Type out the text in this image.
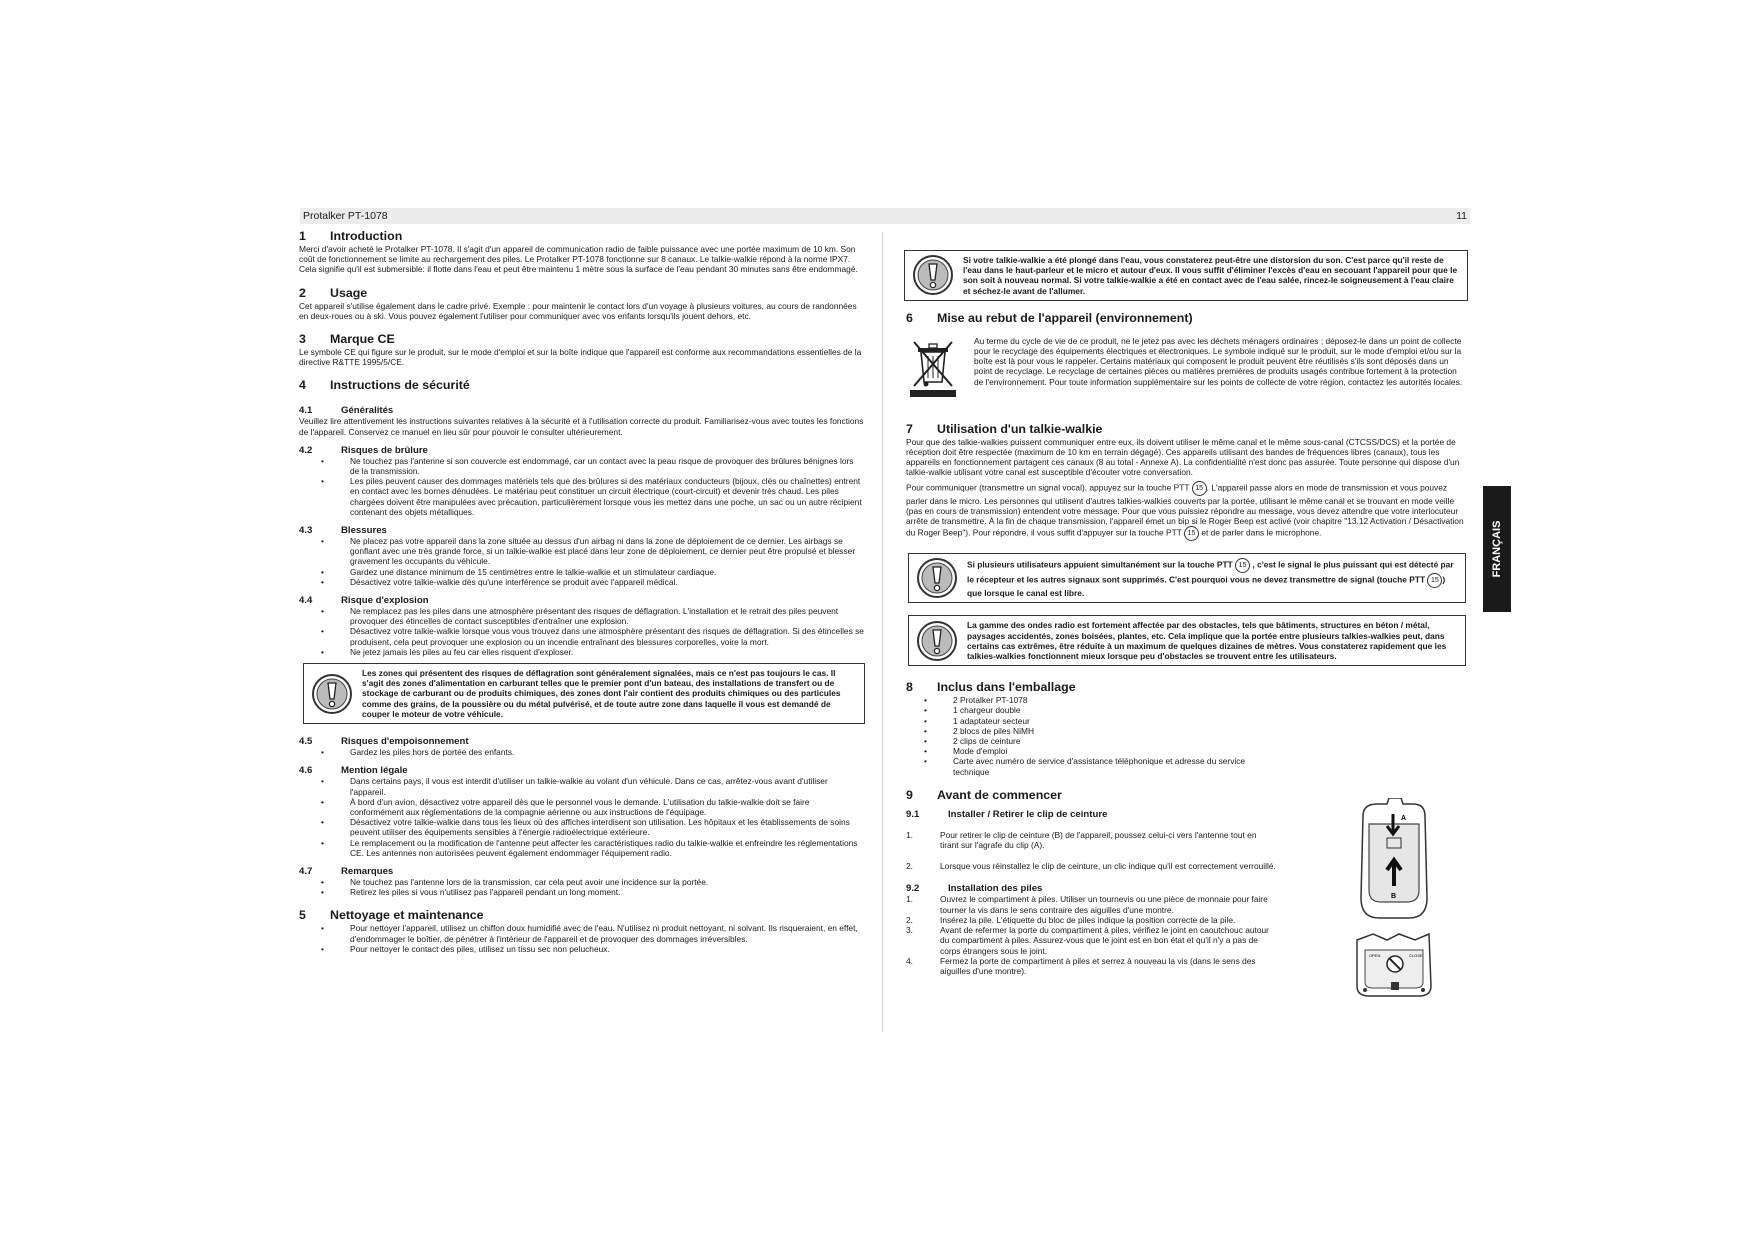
Protalker PT-1078	11
FRANÇAIS

1 Introduction

Merci d'avoir acheté le Protalker PT-1078. Il s'agit d'un appareil de communication radio de faible puissance avec une portée maximum de 10 km. Son coût de fonctionnement se limite au rechargement des piles. Le Protalker PT-1078 fonctionne sur 8 canaux. Le talkie-walkie répond à la norme IPX7. Cela signifie qu'il est submersible: il flotte dans l'eau et peut être maintenu 1 mètre sous la surface de l'eau pendant 30 minutes sans être endommagé.

2 Usage

Cet appareil s'utilise également dans le cadre privé. Exemple : pour maintenir le contact lors d'un voyage à plusieurs voitures, au cours de randonnées en deux-roues ou à ski. Vous pouvez également l'utiliser pour communiquer avec vos enfants lorsqu'ils jouent dehors, etc.

3 Marque CE

Le symbole CE qui figure sur le produit, sur le mode d'emploi et sur la boîte indique que l'appareil est conforme aux recommandations essentielles de la directive R&TTE 1995/5/CE.

4 Instructions de sécurité

4.1	Généralités

Veuillez lire attentivement les instructions suivantes relatives à la sécurité et à l'utilisation correcte du produit. Familiarisez-vous avec toutes les fonctions de l'appareil. Conservez ce manuel en lieu sûr pour pouvoir le consulter ultérieurement.

4.2	Risques de brûlure

• Ne touchez pas l'antenne si son couvercle est endommagé, car un contact avec la peau risque de provoquer des brûlures bénignes lors de la transmission.
• Les piles peuvent causer des dommages matériels tels que des brûlures si des matériaux conducteurs (bijoux, clés ou chaînettes) entrent en contact avec les bornes dénudées. Le matériau peut constituer un circuit électrique (court-circuit) et devenir très chaud. Les piles chargées doivent être manipulées avec précaution, particulièrement lorsque vous les mettez dans une poche, un sac ou un autre récipient contenant des objets métalliques.

4.3	Blessures

• Ne placez pas votre appareil dans la zone située au dessus d'un airbag ni dans la zone de déploiement de ce dernier. Les airbags se gonflant avec une très grande force, si un talkie-walkie est placé dans leur zone de déploiement, ce dernier peut être propulsé et blesser gravement les occupants du véhicule.
• Gardez une distance minimum de 15 centimètres entre le talkie-walkie et un stimulateur cardiaque.
• Désactivez votre talkie-walkie dès qu'une interférence se produit avec l'appareil médical.

4.4	Risque d'explosion

• Ne remplacez pas les piles dans une atmosphère présentant des risques de déflagration. L'installation et le retrait des piles peuvent provoquer des étincelles de contact susceptibles d'entraîner une explosion.
• Désactivez votre talkie-walkie lorsque vous vous trouvez dans une atmosphère présentant des risques de déflagration. Si des étincelles se produisent, cela peut provoquer une explosion ou un incendie entraînant des blessures corporelles, voire la mort.
• Ne jetez jamais les piles au feu car elles risquent d'exploser.
Les zones qui présentent des risques de déflagration sont généralement signalées, mais ce n'est pas toujours le cas. Il s'agit des zones d'alimentation en carburant telles que le premier pont d'un bateau, des installations de transfert ou de stockage de carburant ou de produits chimiques, des zones dont l'air contient des produits chimiques ou des particules comme des grains, de la poussière ou du métal pulvérisé, et de toute autre zone dans laquelle il vous est demandé de couper le moteur de votre véhicule.

4.5	Risques d'empoisonnement

• Gardez les piles hors de portée des enfants.

4.6	Mention légale

• Dans certains pays, il vous est interdit d'utiliser un talkie-walkie au volant d'un véhicule. Dans ce cas, arrêtez-vous avant d'utiliser l'appareil.
• À bord d'un avion, désactivez votre appareil dès que le personnel vous le demande. L'utilisation du talkie-walkie doit se faire conformément aux réglementations de la compagnie aérienne ou aux instructions de l'équipage.
• Désactivez votre talkie-walkie dans tous les lieux où des affiches interdisent son utilisation. Les hôpitaux et les établissements de soins peuvent utiliser des équipements sensibles à l'énergie radioélectrique extérieure.
• Le remplacement ou la modification de l'antenne peut affecter les caractéristiques radio du talkie-walkie et enfreindre les réglementations CE. Les antennes non autorisées peuvent également endommager l'équipement radio.

4.7	Remarques

• Ne touchez pas l'antenne lors de la transmission, car cela peut avoir une incidence sur la portée.
• Retirez les piles si vous n'utilisez pas l'appareil pendant un long moment.

5 Nettoyage et maintenance

• Pour nettoyer l'appareil, utilisez un chiffon doux humidifié avec de l'eau. N'utilisez ni produit nettoyant, ni solvant. Ils risqueraient, en effet, d'endommager le boîtier, de pénétrer à l'intérieur de l'appareil et de provoquer des dommages irréversibles.
• Pour nettoyer le contact des piles, utilisez un tissu sec non pelucheux.
Si votre talkie-walkie a été plongé dans l'eau, vous constaterez peut-être une distorsion du son. C'est parce qu'il reste de l'eau dans le haut-parleur et le micro et autour d'eux. Il vous suffit d'éliminer l'excès d'eau en secouant l'appareil pour que le son soit à nouveau normal. Si votre talkie-walkie a été en contact avec de l'eau salée, rincez-le soigneusement à l'eau claire et séchez-le avant de l'allumer.

6 Mise au rebut de l'appareil (environnement)

Au terme du cycle de vie de ce produit, ne le jetez pas avec les déchets ménagers ordinaires ; déposez-le dans un point de collecte pour le recyclage des équipements électriques et électroniques. Le symbole indiqué sur le produit, sur le mode d'emploi et/ou sur la boîte est là pour vous le rappeler. Certains matériaux qui composent le produit peuvent être réutilisés s'ils sont déposés dans un point de recyclage. Le recyclage de certaines pièces ou matières premières de produits usagés contribue fortement à la protection de l'environnement. Pour toute information supplémentaire sur les points de collecte de votre région, contactez les autorités locales.

7 Utilisation d'un talkie-walkie

Pour que des talkie-walkies puissent communiquer entre eux, ils doivent utiliser le même canal et le même sous-canal (CTCSS/DCS) et la portée de réception doit être respectée (maximum de 10 km en terrain dégagé). Ces appareils utilisant des bandes de fréquences libres (canaux), tous les appareils en fonctionnement partagent ces canaux (8 au total - Annexe A). La confidentialité n'est donc pas assurée. Toute personne qui dispose d'un talkie-walkie utilisant votre canal est susceptible d'écouter votre conversation.

Pour communiquer (transmettre un signal vocal), appuyez sur la touche PTT 15 . L'appareil passe alors en mode de transmission et vous pouvez parler dans le micro. Les personnes qui utilisent d'autres talkies-walkies couverts par la portée, utilisant le même canal et se trouvant en mode veille (pas en cours de transmission) entendent votre message. Pour que vous puissiez répondre au message, vous devez attendre que votre interlocuteur arrête de transmettre. À la fin de chaque transmission, l'appareil émet un bip si le Roger Beep est activé (voir chapitre "13.12 Activation / Désactivation du Roger Beep"). Pour répondre, il vous suffit d'appuyer sur la touche PTT 15 et de parler dans le microphone.

Si plusieurs utilisateurs appuient simultanément sur la touche PTT 15 , c'est le signal le plus puissant qui est détecté par le récepteur et les autres signaux sont supprimés. C'est pourquoi vous ne devez transmettre de signal (touche PTT 15 ) que lorsque le canal est libre.
La gamme des ondes radio est fortement affectée par des obstacles, tels que bâtiments, structures en béton / métal, paysages accidentés, zones boisées, plantes, etc. Cela implique que la portée entre plusieurs talkies-walkies peut, dans certains cas extrêmes, être réduite à un maximum de quelques dizaines de mètres. Vous constaterez rapidement que les talkies-walkies fonctionnent mieux lorsque peu d'obstacles se trouvent entre les utilisateurs.

8 Inclus dans l'emballage

• 2 Protalker PT-1078
• 1 chargeur double
• 1 adaptateur secteur
• 2 blocs de piles NiMH
• 2 clips de ceinture
• Mode d'emploi
• Carte avec numéro de service d'assistance téléphonique et adresse du service technique

9 Avant de commencer

9.1	Installer / Retirer le clip de ceinture

1.	Pour retirer le clip de ceinture (B) de l'appareil, poussez celui-ci vers l'antenne tout en tirant sur l'agrafe du clip (A).
2.	Lorsque vous réinstallez le clip de ceinture, un clic indique qu'il est correctement verrouillé.

9.2	Installation des piles

1.	Ouvrez le compartiment à piles. Utiliser un tournevis ou une pièce de monnaie pour faire tourner la vis dans le sens contraire des aiguilles d'une montre.
2.	Insérez la pile. L'étiquette du bloc de piles indique la position correcte de la pile.
3.	Avant de refermer la porte du compartiment à piles, vérifiez le joint en caoutchouc autour du compartiment à piles. Assurez-vous que le joint est en bon état et qu'il n'y a pas de corps étrangers sous le joint.
4.	Fermez la porte de compartiment à piles et serrez à nouveau la vis (dans le sens des aiguilles d'une montre).
A
B
OPEN	CLOSE
